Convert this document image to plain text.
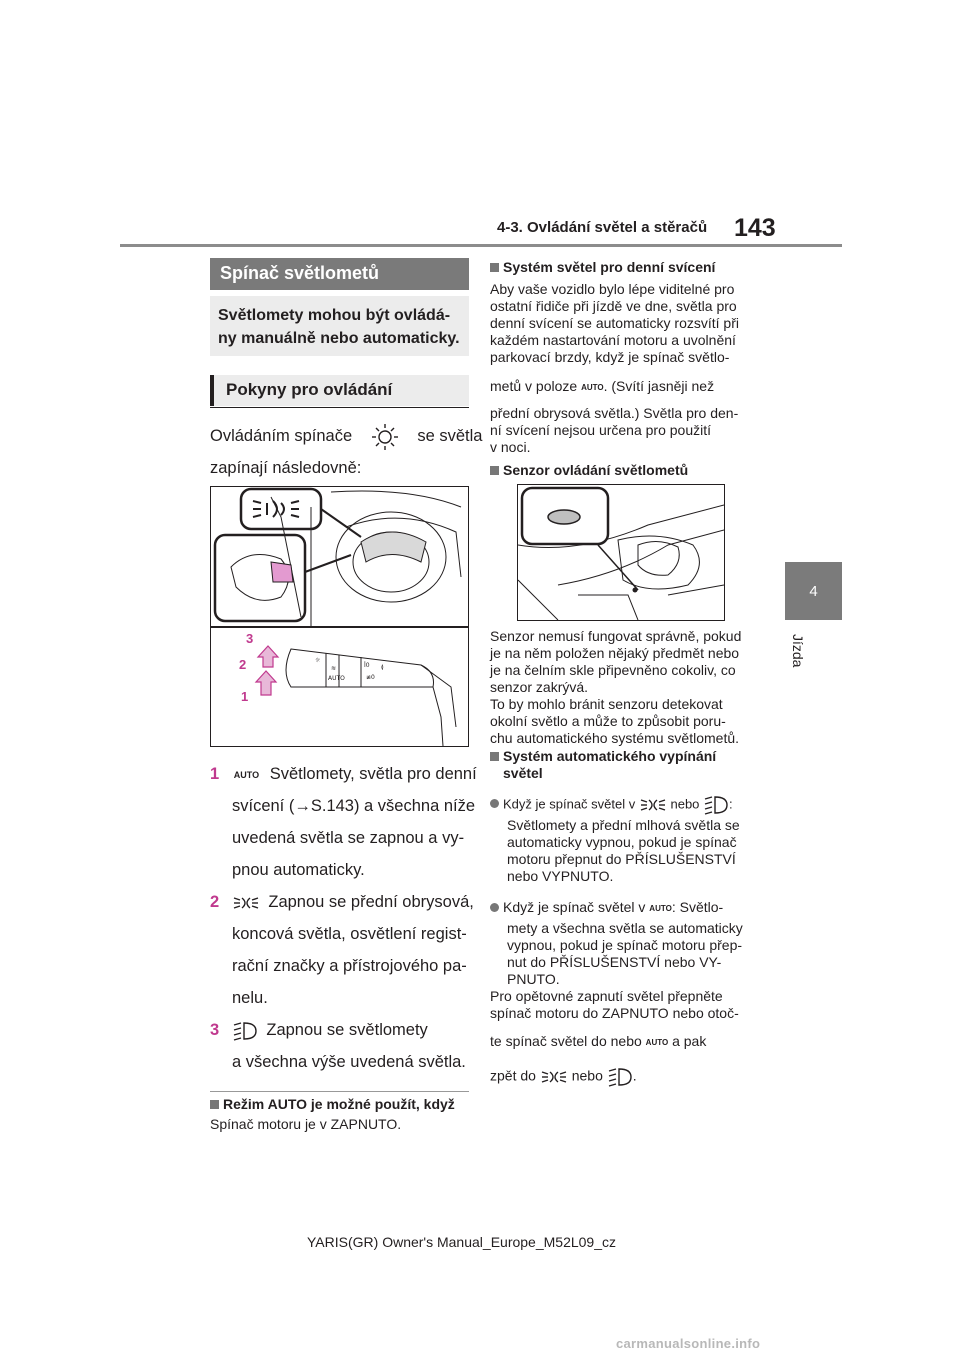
4-3. Ovládání světel a stěračů 143
4
Jízda
Spínač světlometů
Světlomety mohou být ovládá-
ny manuálně nebo automaticky.
Pokyny pro ovládání
Ovládáním spínače	se světla
zapínají následovně:
☼
≋
AUTO
ꟾ0 ≬
≢0
3
2
1
1 AUTO Světlomety, světla pro denní
svícení (→S.143) a všechna níže
uvedená světla se zapnou a vy-
pnou automaticky.
2	Zapnou se přední obrysová,
koncová světla, osvětlení regist-
rační značky a přístrojového pa-
nelu.
3	Zapnou se světlomety
a všechna výše uvedená světla.
Režim AUTO je možné použít, když
Spínač motoru je v ZAPNUTO.
Systém světel pro denní svícení
Aby vaše vozidlo bylo lépe viditelné pro
ostatní řidiče při jízdě ve dne, světla pro
denní svícení se automaticky rozsvítí při
každém nastartování motoru a uvolnění
parkovací brzdy, když je spínač světlo-
metů v poloze AUTO. (Svítí jasněji než
přední obrysová světla.) Světla pro den-
ní svícení nejsou určena pro použití
v noci.
Senzor ovládání světlometů
Senzor nemusí fungovat správně, pokud
je na něm položen nějaký předmět nebo
je na čelním skle připevněno cokoliv, co
senzor zakrývá.
To by mohlo bránit senzoru detekovat
okolní světlo a může to způsobit poru-
chu automatického systému světlometů.
Systém automatického vypínání
světel
Když je spínač světel v	nebo :
Světlomety a přední mlhová světla se
automaticky vypnou, pokud je spínač
motoru přepnut do PŘÍSLUŠENSTVÍ
nebo VYPNUTO.
Když je spínač světel v AUTO: Světlo-
mety a všechna světla se automaticky
vypnou, pokud je spínač motoru přep-
nut do PŘÍSLUŠENSTVÍ nebo VY-
PNUTO.
Pro opětovné zapnutí světel přepněte
spínač motoru do ZAPNUTO nebo otoč-
te spínač světel do nebo AUTO a pak
zpět do	nebo .
YARIS(GR) Owner's Manual_Europe_M52L09_cz
carmanualsonline.info
